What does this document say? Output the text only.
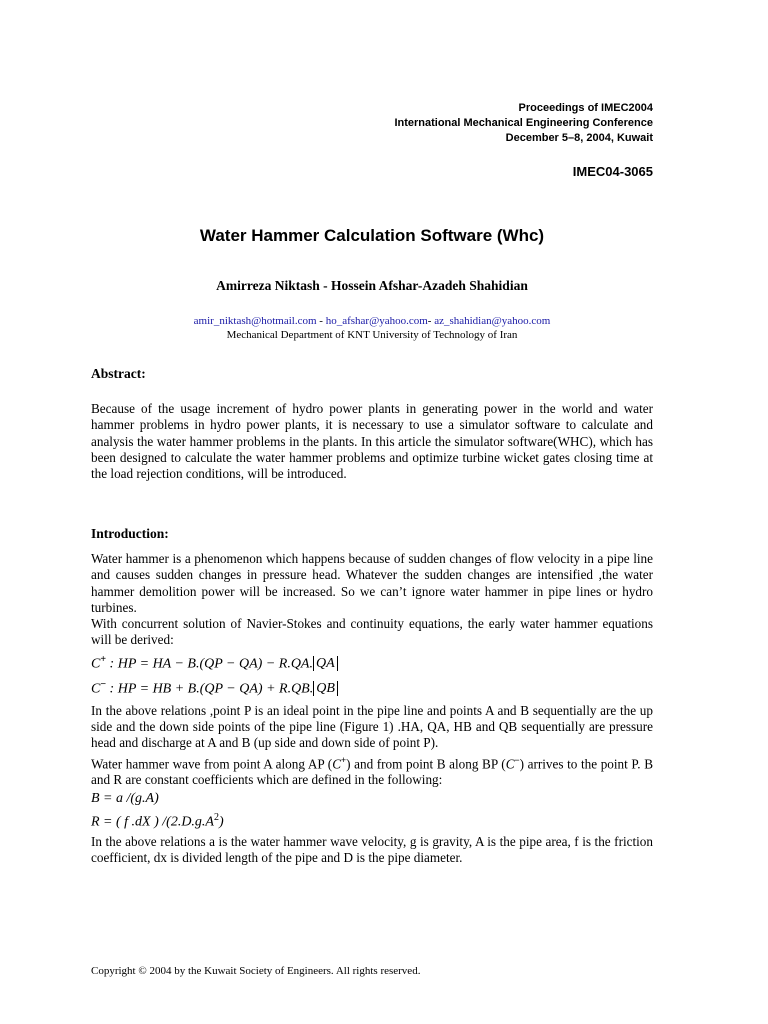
Proceedings of IMEC2004
International Mechanical Engineering Conference
December 5–8, 2004, Kuwait
IMEC04-3065
Water Hammer Calculation Software (Whc)
Amirreza Niktash - Hossein Afshar-Azadeh Shahidian
amir_niktash@hotmail.com - ho_afshar@yahoo.com- az_shahidian@yahoo.com
Mechanical Department of KNT University of Technology of Iran
Abstract:

Because of the usage increment of hydro power plants in generating power in the world and water hammer problems in hydro power plants, it is necessary to use a simulator software to calculate and analysis the water hammer problems in the plants. In this article the simulator software(WHC), which has been designed to calculate the water hammer problems and optimize turbine wicket gates closing time at the load rejection conditions, will be introduced.

Introduction:

Water hammer is a phenomenon which happens because of sudden changes of flow velocity in a pipe line and causes sudden changes in pressure head. Whatever the sudden changes are intensified ,the water hammer demolition power will be increased. So we can’t ignore water hammer in pipe lines or hydro turbines.

With concurrent solution of Navier-Stokes and continuity equations, the early water hammer equations will be derived:

C+ : HP = HA − B.(QP − QA) − R.QA. QA
C− : HP = HB + B.(QP − QA) + R.QB. QB

In the above relations ,point P is an ideal point in the pipe line and points A and B sequentially are the up side and the down side points of the pipe line (Figure 1) .HA, QA, HB and QB sequentially are pressure head and discharge at A and B (up side and down side of point P).

Water hammer wave from point A along AP (C+) and from point B along BP (C−) arrives to the point P. B and R are constant coefficients which are defined in the following:

B = a /(g.A)
R = ( f .dX ) $/(2.D.g.A^2)$

In the above relations a is the water hammer wave velocity, g is gravity, A is the pipe area, f is the friction coefficient, dx is divided length of the pipe and D is the pipe diameter.

Copyright © 2004 by the Kuwait Society of Engineers. All rights reserved.
